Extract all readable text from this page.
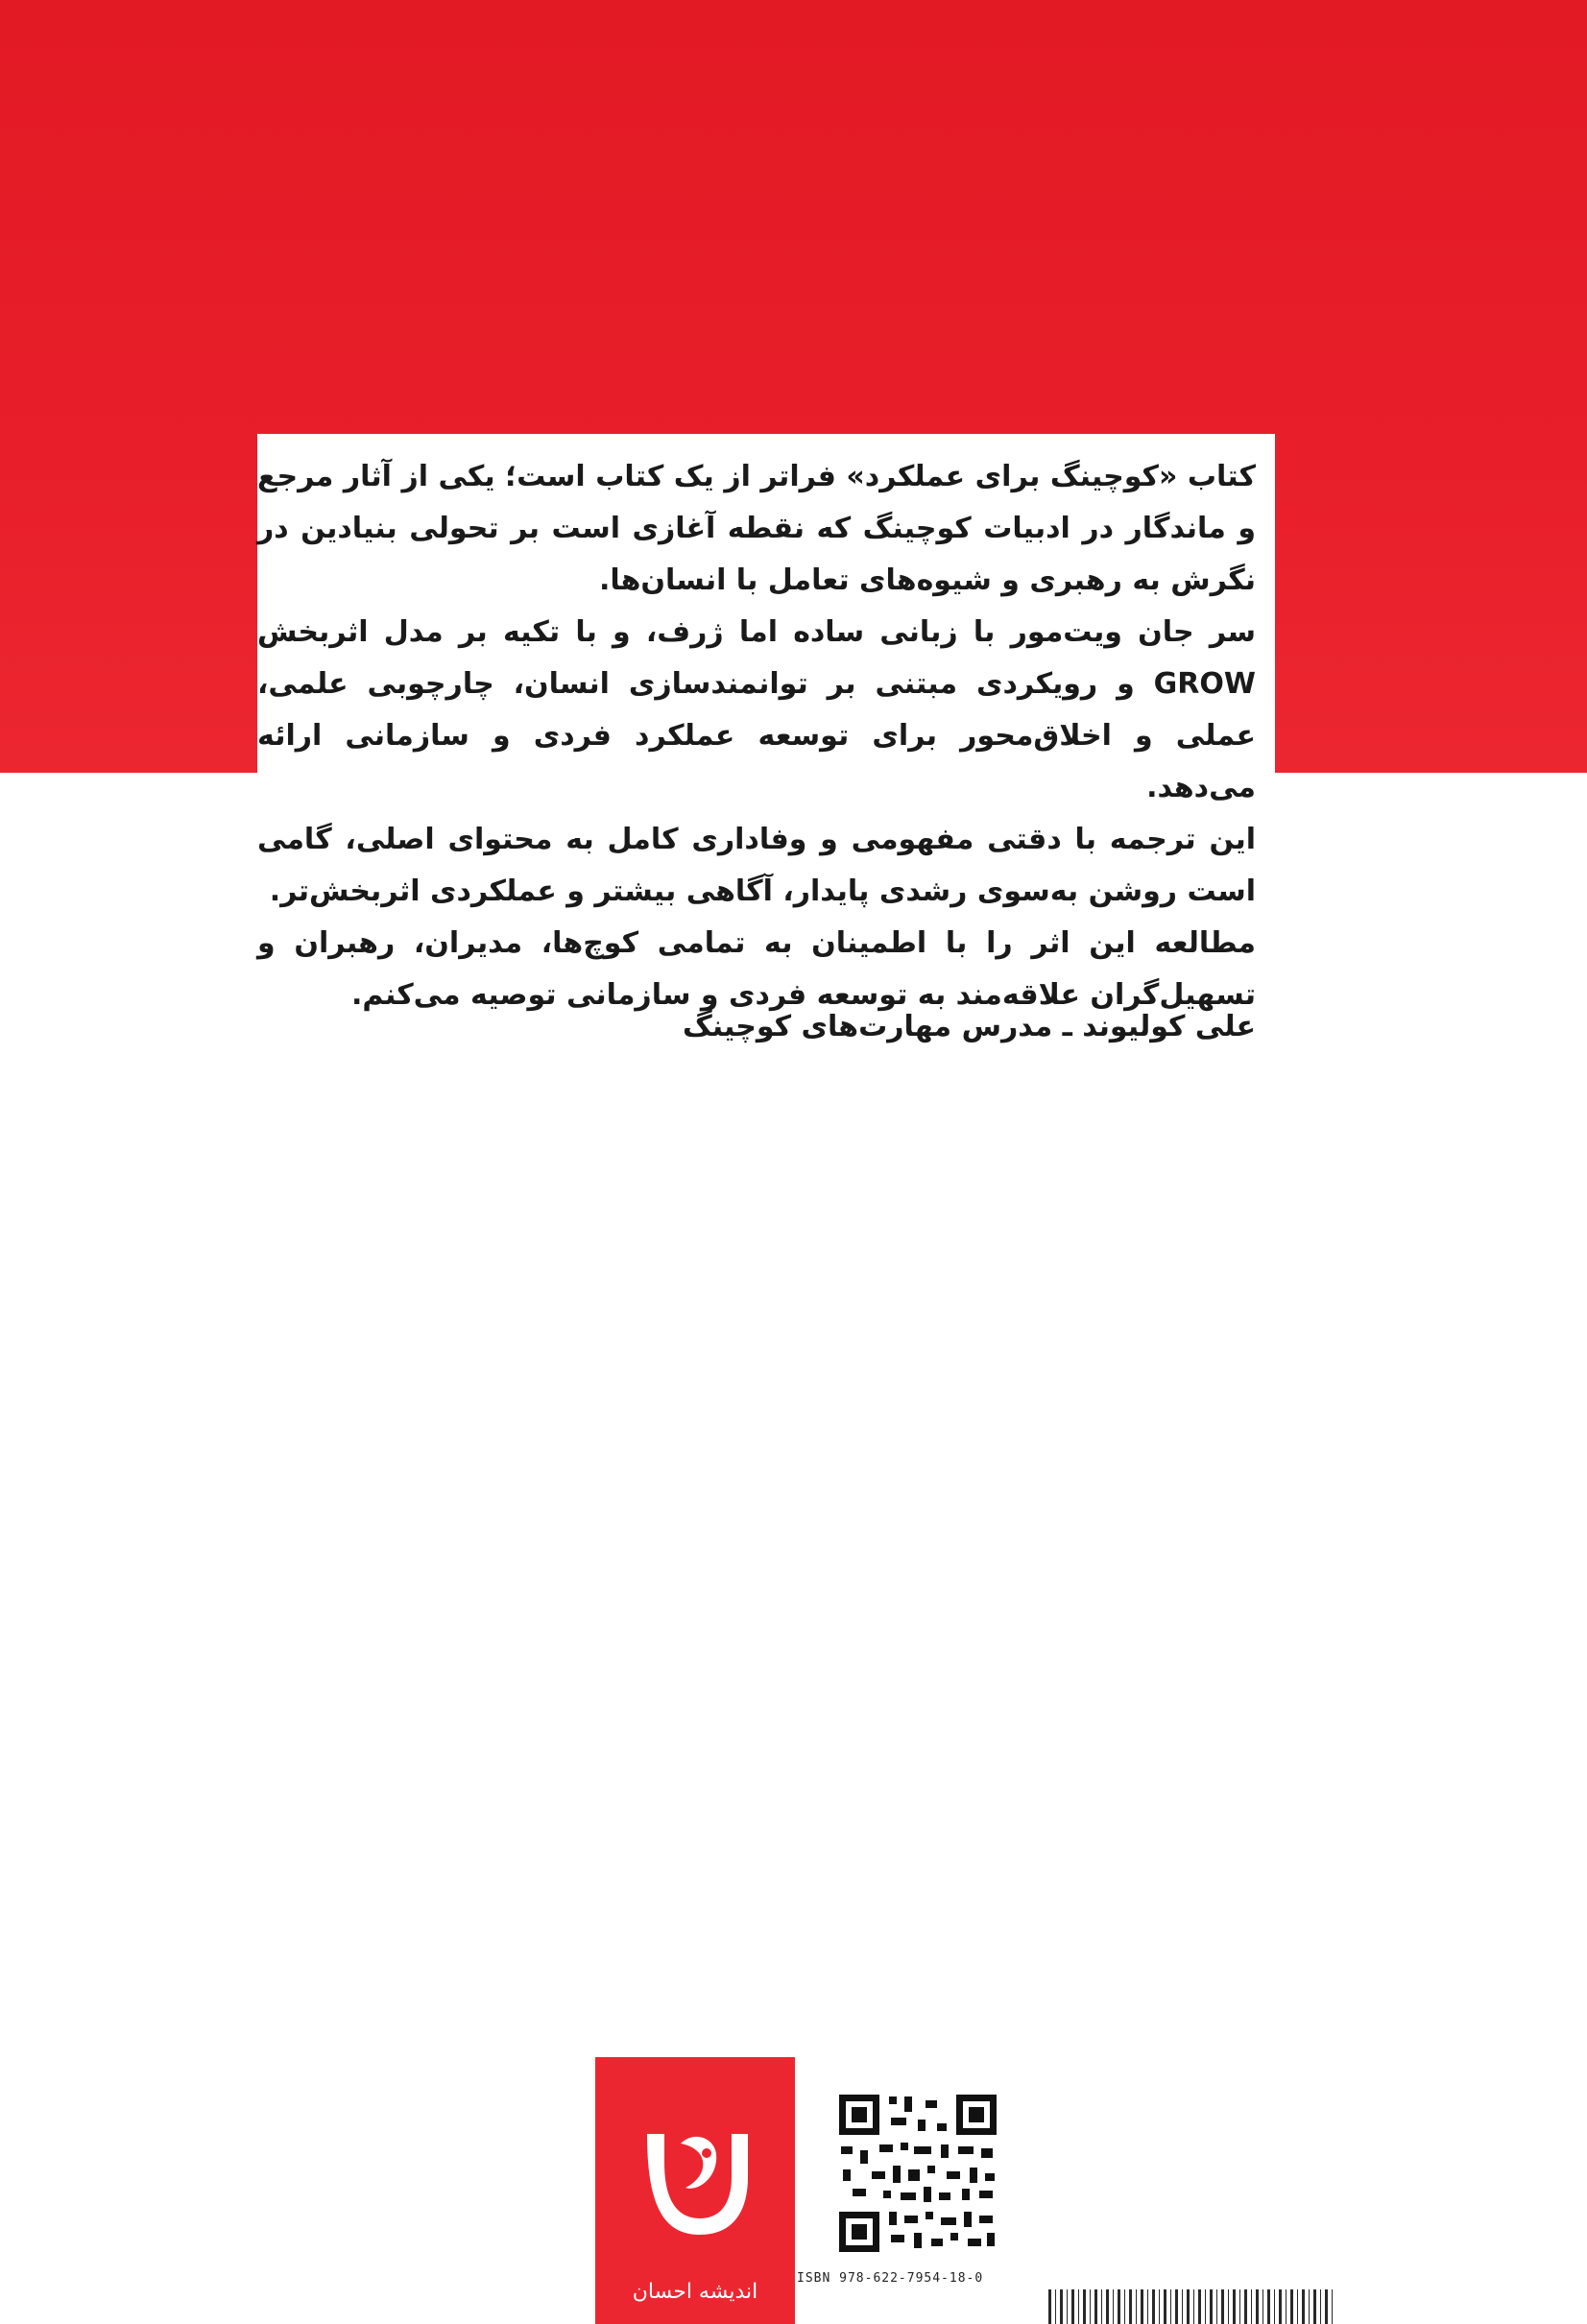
کتاب «کوچینگ برای عملکرد» فراتر از یک کتاب است؛ یکی از آثار مرجع و ماندگار در ادبیات کوچینگ که نقطه آغازی است بر تحولی بنیادین در نگرش به رهبری و شیوه‌های تعامل با انسان‌ها.

سر جان ویت‌مور با زبانی ساده اما ژرف، و با تکیه بر مدل اثربخش GROW و رویکردی مبتنی بر توانمندسازی انسان، چارچوبی علمی، عملی و اخلاق‌محور برای توسعه عملکرد فردی و سازمانی ارائه می‌دهد.

این ترجمه با دقتی مفهومی و وفاداری کامل به محتوای اصلی، گامی است روشن به‌سوی رشدی پایدار، آگاهی بیشتر و عملکردی اثربخش‌تر.

مطالعه این اثر را با اطمینان به تمامی کوچ‌ها، مدیران، رهبران و تسهیل‌گران علاقه‌مند به توسعه فردی و سازمانی توصیه می‌کنم.

علی کولیوند ـ مدرس مهارت‌های کوچینگ
اندیشه احسان
ISBN 978-622-7954-18-0
